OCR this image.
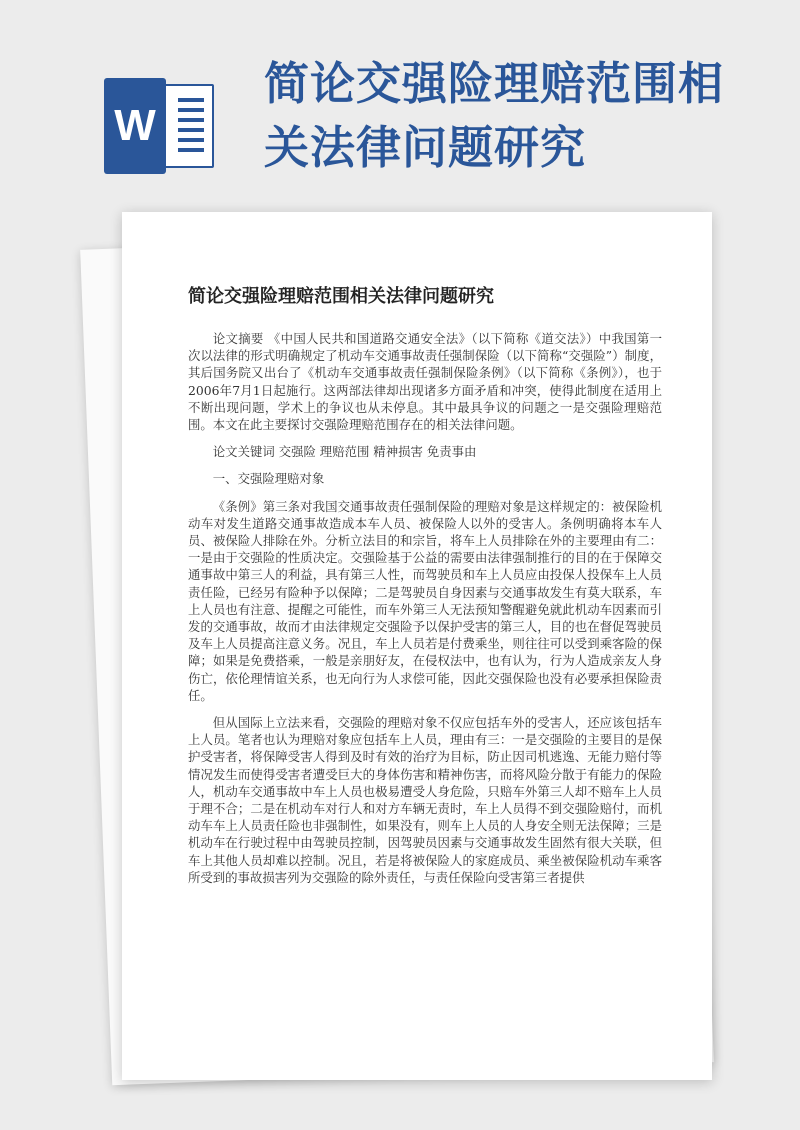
W
简论交强险理赔范围相关法律问题研究
简论交强险理赔范围相关法律问题研究

论文摘要 《中国人民共和国道路交通安全法》（以下简称《道交法》）中我国第一次以法律的形式明确规定了机动车交通事故责任强制保险（以下简称“交强险”）制度，其后国务院又出台了《机动车交通事故责任强制保险条例》（以下简称《条例》），也于2006年7月1日起施行。这两部法律却出现诸多方面矛盾和冲突，使得此制度在适用上不断出现问题，学术上的争议也从未停息。其中最具争议的问题之一是交强险理赔范围。本文在此主要探讨交强险理赔范围存在的相关法律问题。

论文关键词 交强险 理赔范围 精神损害 免责事由

一、交强险理赔对象

《条例》第三条对我国交通事故责任强制保险的理赔对象是这样规定的：被保险机动车对发生道路交通事故造成本车人员、被保险人以外的受害人。条例明确将本车人员、被保险人排除在外。分析立法目的和宗旨，将车上人员排除在外的主要理由有二：一是由于交强险的性质决定。交强险基于公益的需要由法律强制推行的目的在于保障交通事故中第三人的利益，具有第三人性，而驾驶员和车上人员应由投保人投保车上人员责任险，已经另有险种予以保障；二是驾驶员自身因素与交通事故发生有莫大联系，车上人员也有注意、提醒之可能性，而车外第三人无法预知警醒避免就此机动车因素而引发的交通事故，故而才由法律规定交强险予以保护受害的第三人，目的也在督促驾驶员及车上人员提高注意义务。况且，车上人员若是付费乘坐，则往往可以受到乘客险的保障；如果是免费搭乘，一般是亲朋好友，在侵权法中，也有认为，行为人造成亲友人身伤亡，依伦理情谊关系，也无向行为人求偿可能，因此交强保险也没有必要承担保险责任。

但从国际上立法来看，交强险的理赔对象不仅应包括车外的受害人，还应该包括车上人员。笔者也认为理赔对象应包括车上人员，理由有三：一是交强险的主要目的是保护受害者，将保障受害人得到及时有效的治疗为目标，防止因司机逃逸、无能力赔付等情况发生而使得受害者遭受巨大的身体伤害和精神伤害，而将风险分散于有能力的保险人，机动车交通事故中车上人员也极易遭受人身危险，只赔车外第三人却不赔车上人员于理不合；二是在机动车对行人和对方车辆无责时，车上人员得不到交强险赔付，而机动车车上人员责任险也非强制性，如果没有，则车上人员的人身安全则无法保障；三是机动车在行驶过程中由驾驶员控制，因驾驶员因素与交通事故发生固然有很大关联，但车上其他人员却难以控制。况且，若是将被保险人的家庭成员、乘坐被保险机动车乘客所受到的事故损害列为交强险的除外责任，与责任保险向受害第三者提供
